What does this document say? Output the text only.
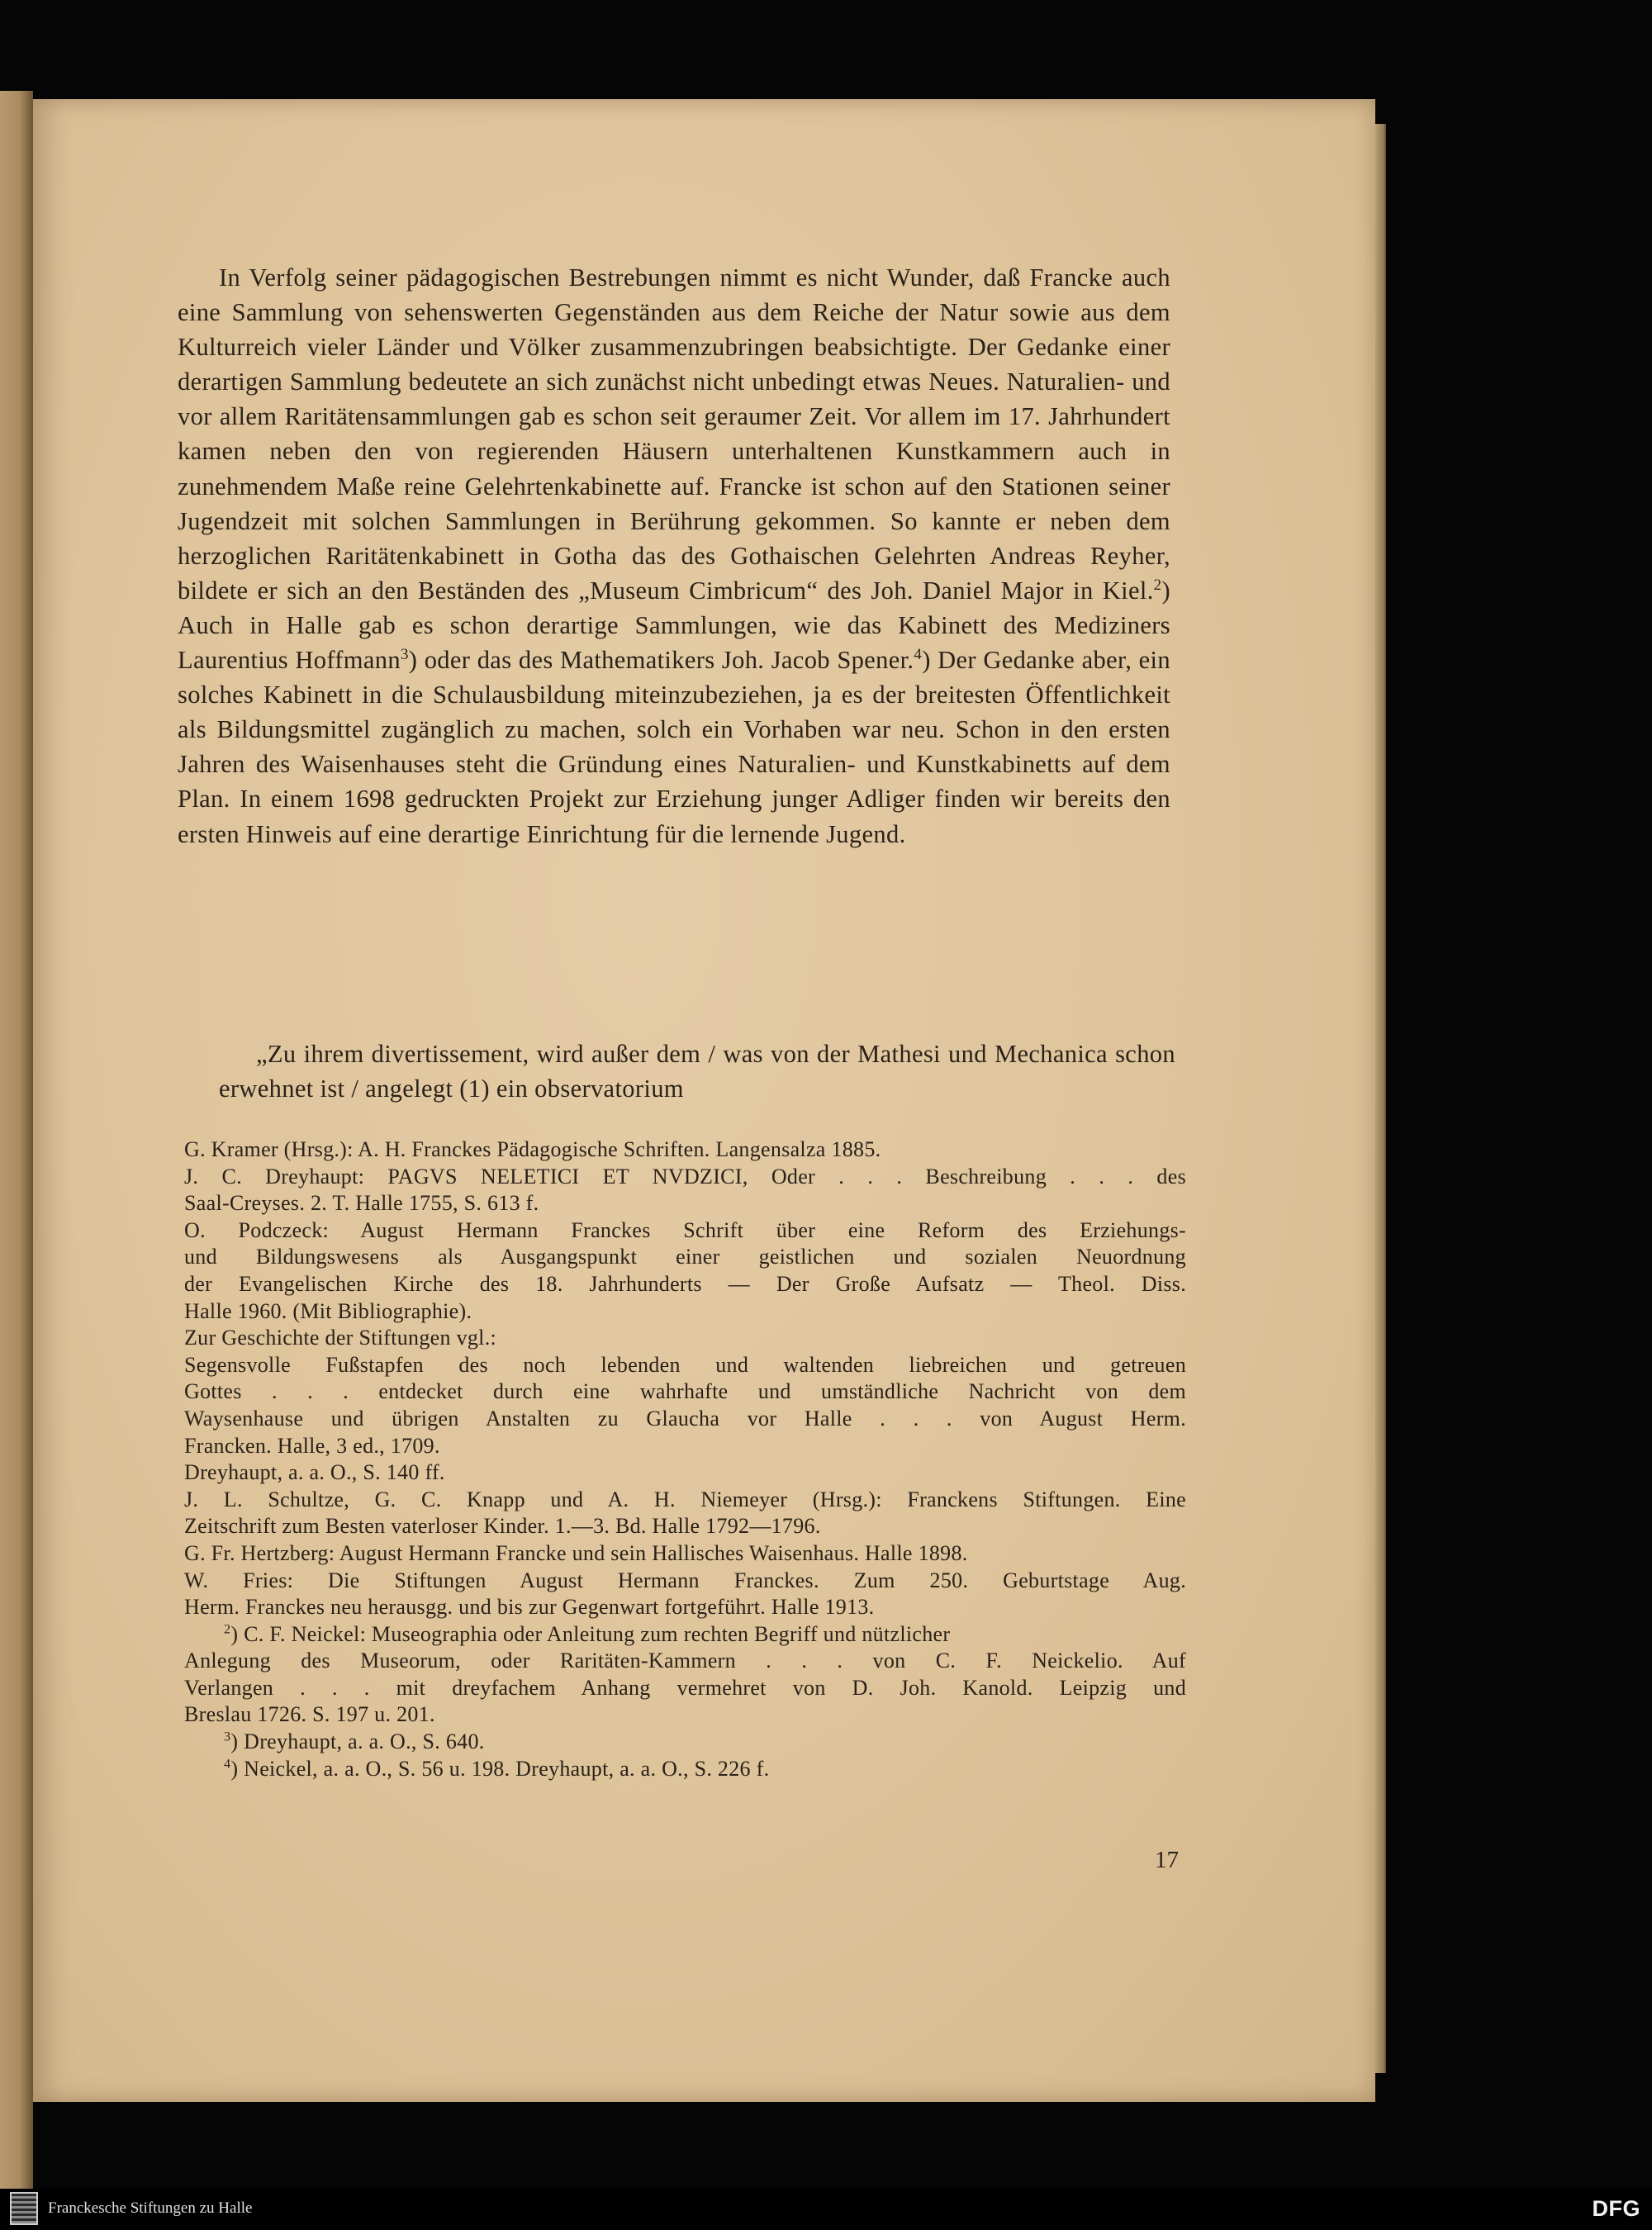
In Verfolg seiner pädagogischen Bestrebungen nimmt es nicht Wunder, daß Francke auch eine Sammlung von sehenswerten Gegenständen aus dem Reiche der Natur sowie aus dem Kulturreich vieler Länder und Völker zusammenzubringen beabsichtigte. Der Gedanke einer derartigen Sammlung bedeutete an sich zunächst nicht unbedingt etwas Neues. Naturalien- und vor allem Raritätensammlungen gab es schon seit geraumer Zeit. Vor allem im 17. Jahrhundert kamen neben den von regierenden Häusern unterhaltenen Kunstkammern auch in zunehmendem Maße reine Gelehrtenkabinette auf. Francke ist schon auf den Stationen seiner Jugendzeit mit solchen Sammlungen in Berührung gekommen. So kannte er neben dem herzoglichen Raritätenkabinett in Gotha das des Gothaischen Gelehrten Andreas Reyher, bildete er sich an den Beständen des „Museum Cimbricum“ des Joh. Daniel Major in Kiel.$^2$) Auch in Halle gab es schon derartige Sammlungen, wie das Kabinett des Mediziners Laurentius Hoffmann$^3$) oder das des Mathematikers Joh. Jacob Spener.$^4$) Der Gedanke aber, ein solches Kabinett in die Schulausbildung miteinzubeziehen, ja es der breitesten Öffentlichkeit als Bildungsmittel zugänglich zu machen, solch ein Vorhaben war neu. Schon in den ersten Jahren des Waisenhauses steht die Gründung eines Naturalien- und Kunstkabinetts auf dem Plan. In einem 1698 gedruckten Projekt zur Erziehung junger Adliger finden wir bereits den ersten Hinweis auf eine derartige Einrichtung für die lernende Jugend.

„Zu ihrem divertissement, wird außer dem / was von der Mathesi und Mechanica schon erwehnet ist / angelegt (1) ein observatorium

G. Kramer (Hrsg.): A. H. Franckes Pädagogische Schriften. Langensalza 1885.
J. C. Dreyhaupt: PAGVS NELETICI ET NVDZICI, Oder . . . Beschreibung . . . des
Saal-Creyses. 2. T. Halle 1755, S. 613 f.
O. Podczeck: August Hermann Franckes Schrift über eine Reform des Erziehungs-
und Bildungswesens als Ausgangspunkt einer geistlichen und sozialen Neuordnung
der Evangelischen Kirche des 18. Jahrhunderts — Der Große Aufsatz — Theol. Diss.
Halle 1960. (Mit Bibliographie).
Zur Geschichte der Stiftungen vgl.:
Segensvolle Fußstapfen des noch lebenden und waltenden liebreichen und getreuen
Gottes . . . entdecket durch eine wahrhafte und umständliche Nachricht von dem
Waysenhause und übrigen Anstalten zu Glaucha vor Halle . . . von August Herm.
Francken. Halle, 3 ed., 1709.
Dreyhaupt, a. a. O., S. 140 ff.
J. L. Schultze, G. C. Knapp und A. H. Niemeyer (Hrsg.): Franckens Stiftungen. Eine
Zeitschrift zum Besten vaterloser Kinder. 1.—3. Bd. Halle 1792—1796.
G. Fr. Hertzberg: August Hermann Francke und sein Hallisches Waisenhaus. Halle 1898.
W. Fries: Die Stiftungen August Hermann Franckes. Zum 250. Geburtstage Aug.
Herm. Franckes neu herausgg. und bis zur Gegenwart fortgeführt. Halle 1913.
$^2$) C. F. Neickel: Museographia oder Anleitung zum rechten Begriff und nützlicher
Anlegung des Museorum, oder Raritäten-Kammern . . . von C. F. Neickelio. Auf
Verlangen . . . mit dreyfachem Anhang vermehret von D. Joh. Kanold. Leipzig und
Breslau 1726. S. 197 u. 201.
$^3$) Dreyhaupt, a. a. O., S. 640.
$^4$) Neickel, a. a. O., S. 56 u. 198. Dreyhaupt, a. a. O., S. 226 f.
17
Franckesche Stiftungen zu Halle	DFG
